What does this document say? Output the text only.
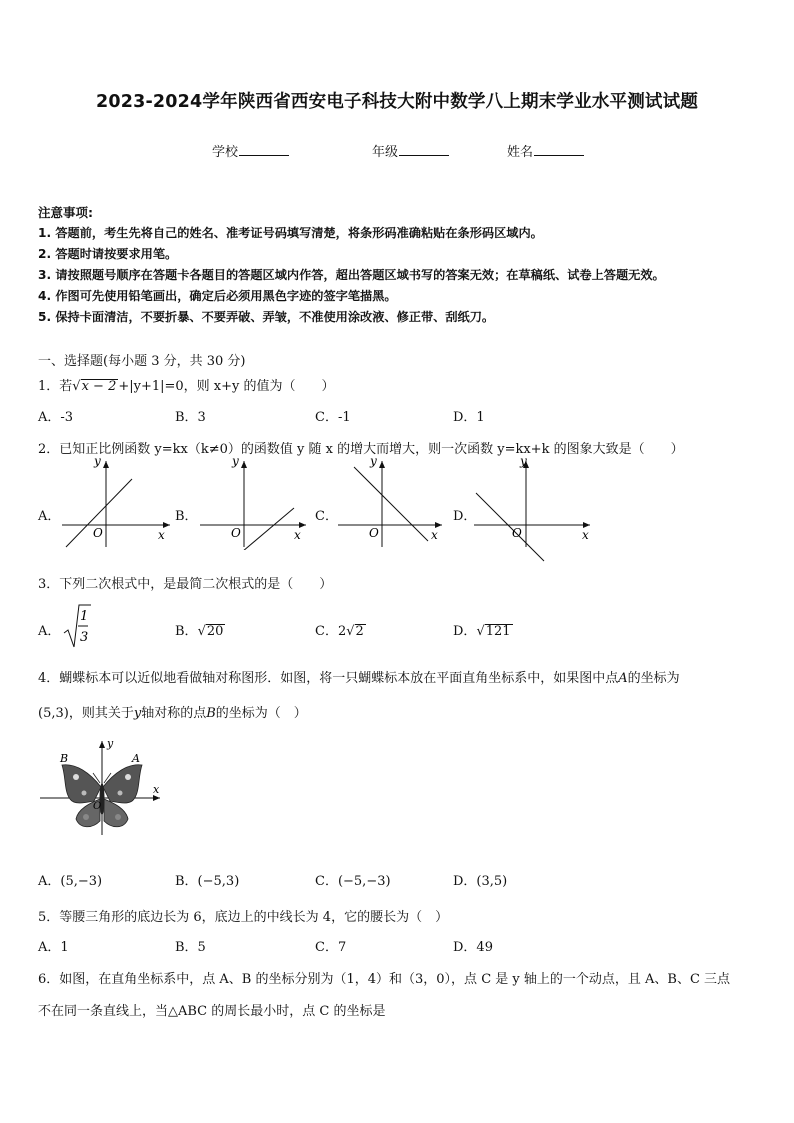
2023-2024学年陕西省西安电子科技大附中数学八上期末学业水平测试试题
学校	年级	姓名
注意事项:
1. 答题前，考生先将自己的姓名、准考证号码填写清楚，将条形码准确粘贴在条形码区域内。
2. 答题时请按要求用笔。
3. 请按照题号顺序在答题卡各题目的答题区域内作答，超出答题区域书写的答案无效；在草稿纸、试卷上答题无效。
4. 作图可先使用铅笔画出，确定后必须用黑色字迹的签字笔描黑。
5. 保持卡面清洁，不要折暴、不要弄破、弄皱，不准使用涂改液、修正带、刮纸刀。
一、选择题(每小题 3 分，共 30 分)
1．若√x − 2 +|y+1|=0，则 x+y 的值为（　　）
A．-3	B．3	C．-1	D．1
2．已知正比例函数 y=kx（k≠0）的函数值 y 随 x 的增大而增大，则一次函数 y=kx+k 的图象大致是（　　）
A．	B．	C．	D．
y
x
O
y
x
O
y
x
O
y
x
O
3．下列二次根式中，是最简二次根式的是（　　）
A．
1
3	B．√20	C．2√2	D．√121
4．蝴蝶标本可以近似地看做轴对称图形．如图，将一只蝴蝶标本放在平面直角坐标系中，如果图中点A的坐标为
(5,3)，则其关于y轴对称的点B的坐标为（　）
B	A
y
x
O
A．(5,−3)	B．(−5,3)	C．(−5,−3)	D．(3,5)
5．等腰三角形的底边长为 6，底边上的中线长为 4，它的腰长为（　）
A．1	B．5	C．7	D．49
6．如图，在直角坐标系中，点 A、B 的坐标分别为（1，4）和（3，0），点 C 是 y 轴上的一个动点，且 A、B、C 三点
不在同一条直线上，当△ABC 的周长最小时，点 C 的坐标是
